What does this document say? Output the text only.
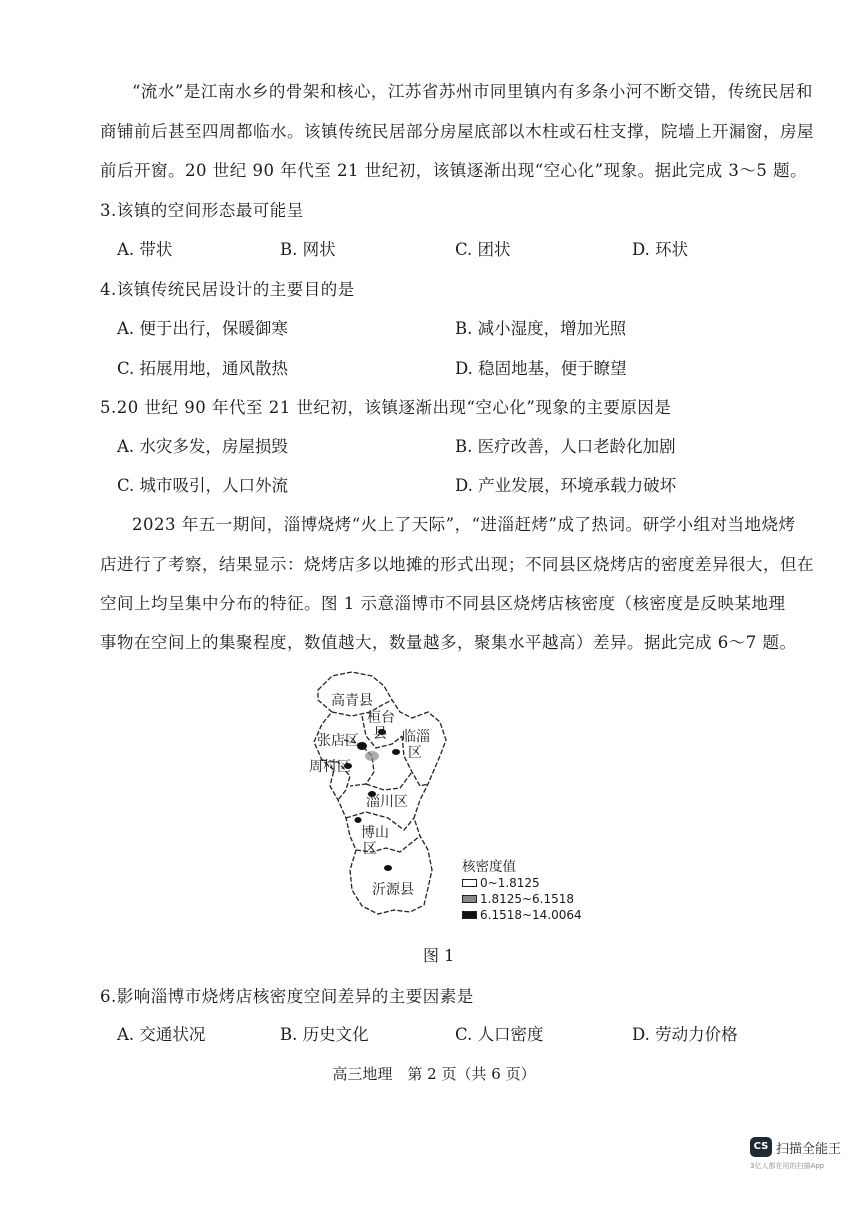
“流水”是江南水乡的骨架和核心，江苏省苏州市同里镇内有多条小河不断交错，传统民居和
商铺前后甚至四周都临水。该镇传统民居部分房屋底部以木柱或石柱支撑，院墙上开漏窗，房屋
前后开窗。20 世纪 90 年代至 21 世纪初，该镇逐渐出现“空心化”现象。据此完成 3～5 题。
3.该镇的空间形态最可能呈
A. 带状	B. 网状	C. 团状	D. 环状
4.该镇传统民居设计的主要目的是
A. 便于出行，保暖御寒	B. 减小湿度，增加光照
C. 拓展用地，通风散热	D. 稳固地基，便于瞭望
5.20 世纪 90 年代至 21 世纪初，该镇逐渐出现“空心化”现象的主要原因是
A. 水灾多发，房屋损毁	B. 医疗改善，人口老龄化加剧
C. 城市吸引，人口外流	D. 产业发展，环境承载力破坏
2023 年五一期间，淄博烧烤“火上了天际”，“进淄赶烤”成了热词。研学小组对当地烧烤
店进行了考察，结果显示：烧烤店多以地摊的形式出现；不同县区烧烤店的密度差异很大，但在
空间上均呈集中分布的特征。图 1 示意淄博市不同县区烧烤店核密度（核密度是反映某地理
事物在空间上的集聚程度，数值越大，数量越多，聚集水平越高）差异。据此完成 6～7 题。
高青县
桓台
县
张店区	临淄
区
周村区
淄川区
博山
区
沂源县
核密度值
0~1.8125
1.8125~6.1518
6.1518~14.0064
图 1
6.影响淄博市烧烤店核密度空间差异的主要因素是
A. 交通状况	B. 历史文化	C. 人口密度	D. 劳动力价格
高三地理　第 2 页（共 6 页）
CS 扫描全能王
3亿人都在用的扫描App
